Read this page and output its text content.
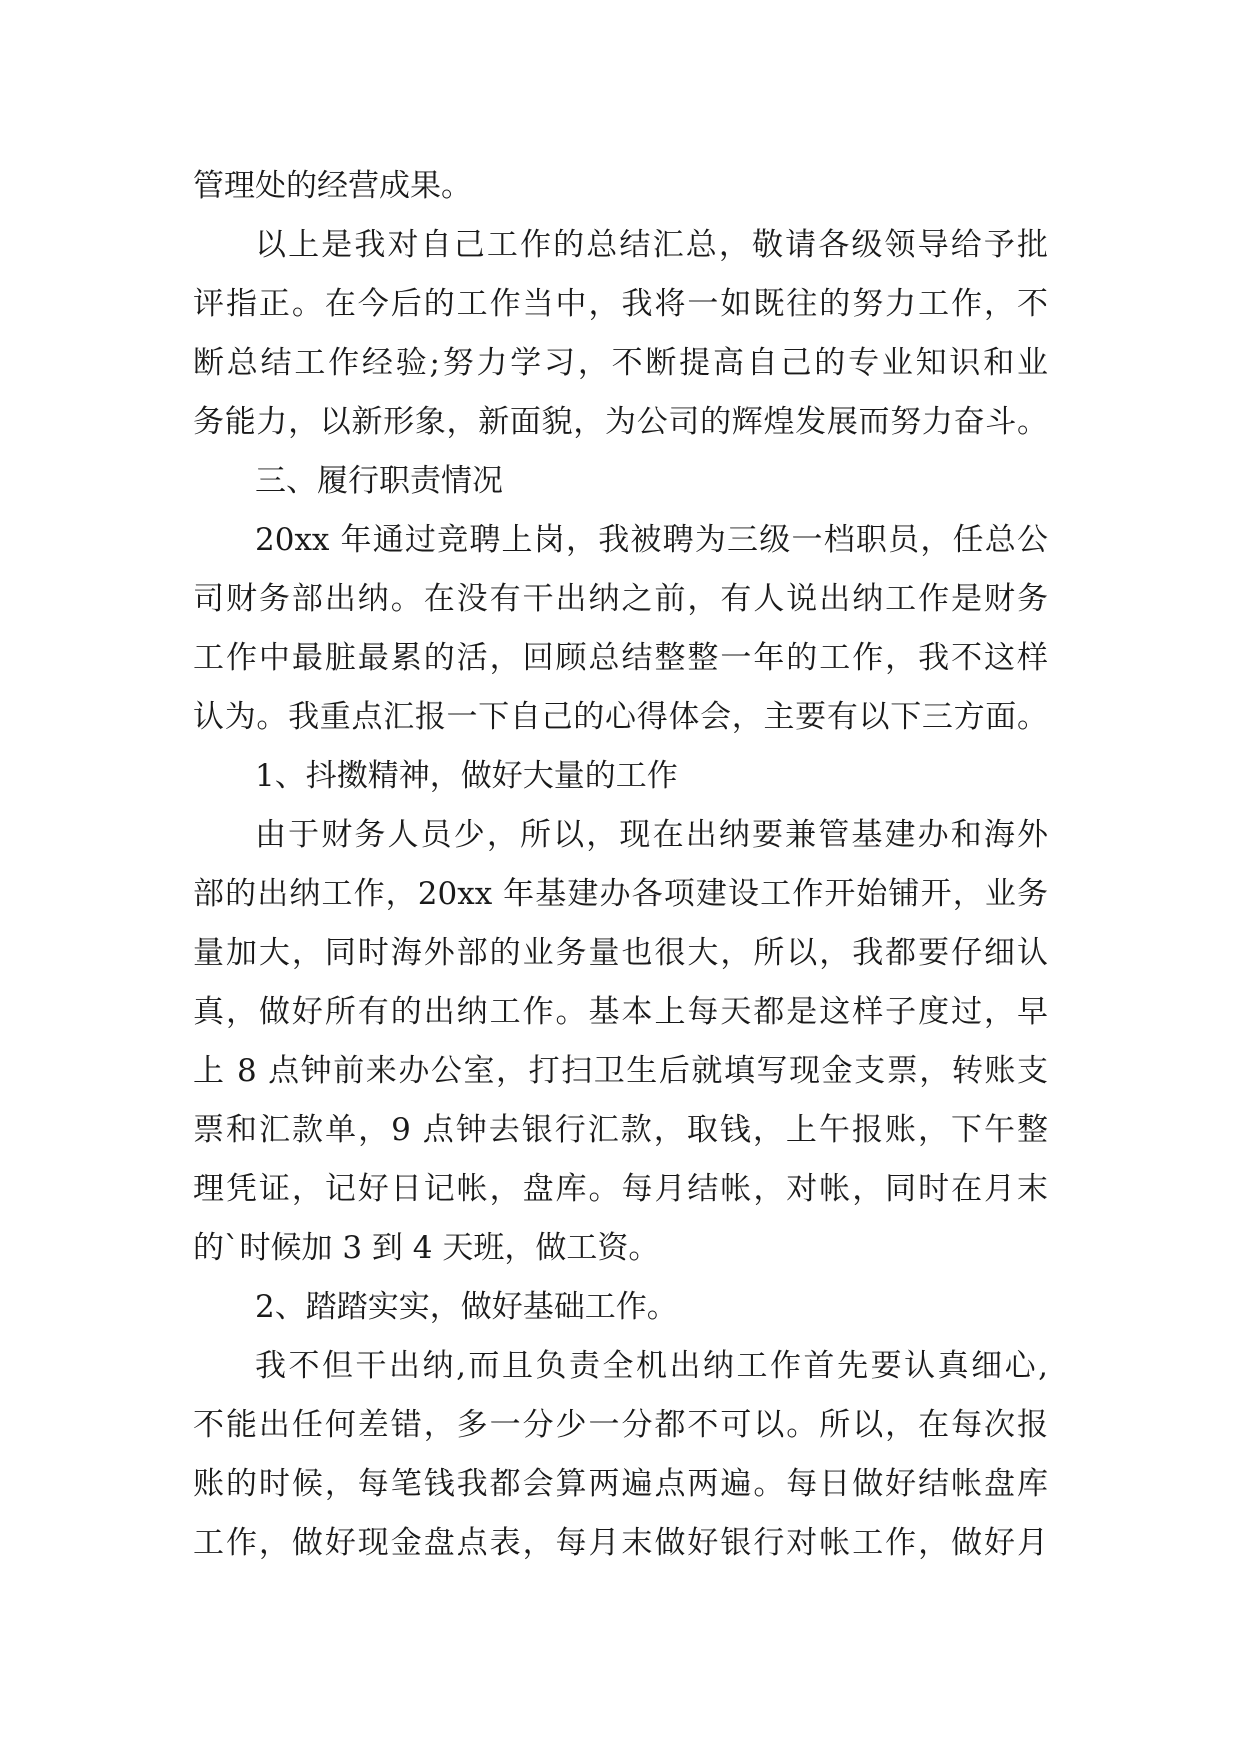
管理处的经营成果。
以上是我对自己工作的总结汇总，敬请各级领导给予批
评指正。在今后的工作当中，我将一如既往的努力工作，不
断总结工作经验;努力学习，不断提高自己的专业知识和业
务能力，以新形象，新面貌，为公司的辉煌发展而努力奋斗。
三、履行职责情况
20xx 年通过竞聘上岗，我被聘为三级一档职员，任总公
司财务部出纳。在没有干出纳之前，有人说出纳工作是财务
工作中最脏最累的活，回顾总结整整一年的工作，我不这样
认为。我重点汇报一下自己的心得体会，主要有以下三方面。
1、抖擞精神，做好大量的工作
由于财务人员少，所以，现在出纳要兼管基建办和海外
部的出纳工作，20xx 年基建办各项建设工作开始铺开，业务
量加大，同时海外部的业务量也很大，所以，我都要仔细认
真，做好所有的出纳工作。基本上每天都是这样子度过，早
上 8 点钟前来办公室，打扫卫生后就填写现金支票，转账支
票和汇款单，9 点钟去银行汇款，取钱，上午报账，下午整
理凭证，记好日记帐，盘库。每月结帐，对帐，同时在月末
的`时候加 3 到 4 天班，做工资。
2、踏踏实实，做好基础工作。
我不但干出纳,而且负责全机出纳工作首先要认真细心,
不能出任何差错，多一分少一分都不可以。所以，在每次报
账的时候，每笔钱我都会算两遍点两遍。每日做好结帐盘库
工作，做好现金盘点表，每月末做好银行对帐工作，做好月
